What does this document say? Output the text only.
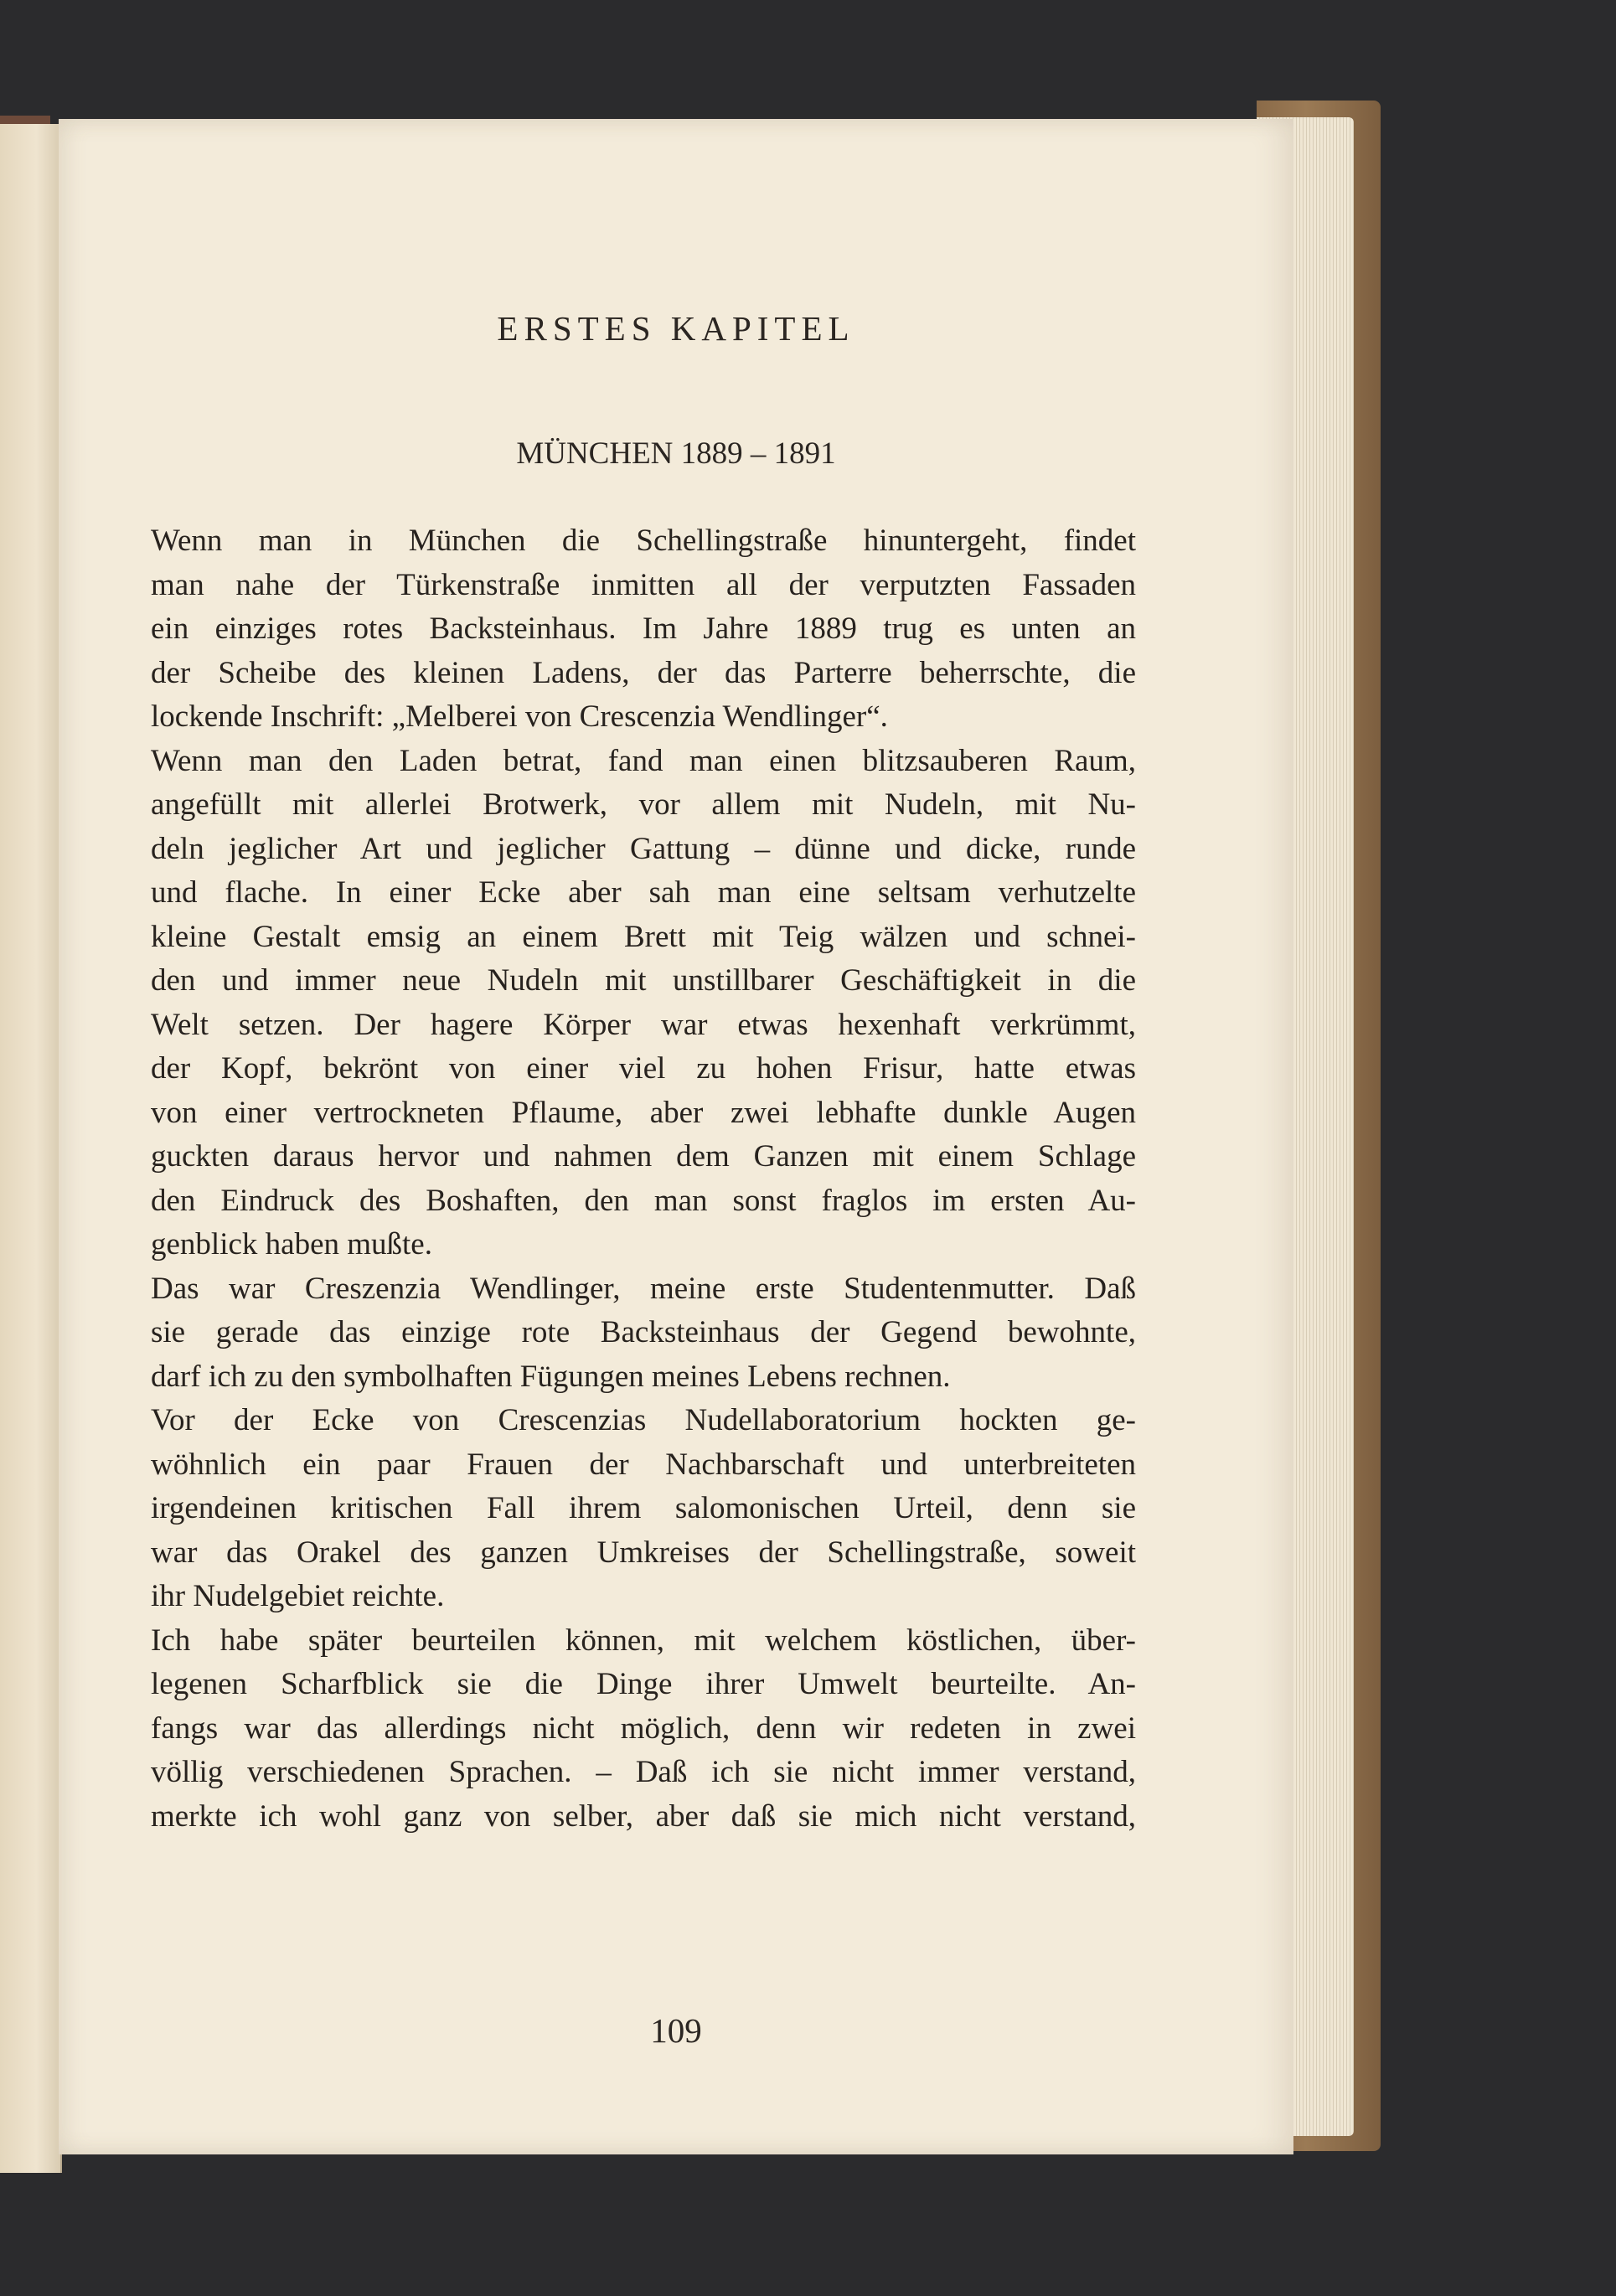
ERSTES KAPITEL
MÜNCHEN 1889 – 1891
Wenn man in München die Schellingstraße hinuntergeht, findet
man nahe der Türkenstraße inmitten all der verputzten Fassaden
ein einziges rotes Backsteinhaus. Im Jahre 1889 trug es unten an
der Scheibe des kleinen Ladens, der das Parterre beherrschte, die
lockende Inschrift: „Melberei von Crescenzia Wendlinger“.
Wenn man den Laden betrat, fand man einen blitzsauberen Raum,
angefüllt mit allerlei Brotwerk, vor allem mit Nudeln, mit Nu-
deln jeglicher Art und jeglicher Gattung – dünne und dicke, runde
und flache. In einer Ecke aber sah man eine seltsam verhutzelte
kleine Gestalt emsig an einem Brett mit Teig wälzen und schnei-
den und immer neue Nudeln mit unstillbarer Geschäftigkeit in die
Welt setzen. Der hagere Körper war etwas hexenhaft verkrümmt,
der Kopf, bekrönt von einer viel zu hohen Frisur, hatte etwas
von einer vertrockneten Pflaume, aber zwei lebhafte dunkle Augen
guckten daraus hervor und nahmen dem Ganzen mit einem Schlage
den Eindruck des Boshaften, den man sonst fraglos im ersten Au-
genblick haben mußte.
Das war Creszenzia Wendlinger, meine erste Studentenmutter. Daß
sie gerade das einzige rote Backsteinhaus der Gegend bewohnte,
darf ich zu den symbolhaften Fügungen meines Lebens rechnen.
Vor der Ecke von Crescenzias Nudellaboratorium hockten ge-
wöhnlich ein paar Frauen der Nachbarschaft und unterbreiteten
irgendeinen kritischen Fall ihrem salomonischen Urteil, denn sie
war das Orakel des ganzen Umkreises der Schellingstraße, soweit
ihr Nudelgebiet reichte.
Ich habe später beurteilen können, mit welchem köstlichen, über-
legenen Scharfblick sie die Dinge ihrer Umwelt beurteilte. An-
fangs war das allerdings nicht möglich, denn wir redeten in zwei
völlig verschiedenen Sprachen. – Daß ich sie nicht immer verstand,
merkte ich wohl ganz von selber, aber daß sie mich nicht verstand,
109
